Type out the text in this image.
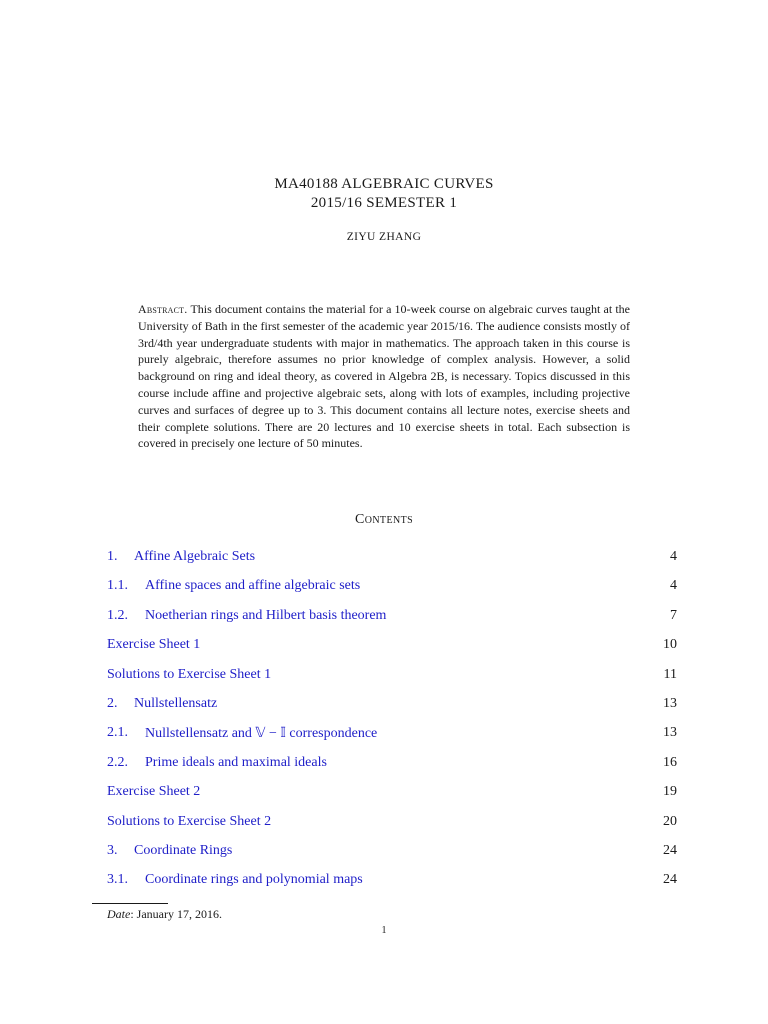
MA40188 ALGEBRAIC CURVES
2015/16 SEMESTER 1
ZIYU ZHANG
Abstract. This document contains the material for a 10-week course on algebraic curves taught at the University of Bath in the first semester of the academic year 2015/16. The audience consists mostly of 3rd/4th year undergraduate students with major in mathematics. The approach taken in this course is purely algebraic, therefore assumes no prior knowledge of complex analysis. However, a solid background on ring and ideal theory, as covered in Algebra 2B, is necessary. Topics discussed in this course include affine and projective algebraic sets, along with lots of examples, including projective curves and surfaces of degree up to 3. This document contains all lecture notes, exercise sheets and their complete solutions. There are 20 lectures and 10 exercise sheets in total. Each subsection is covered in precisely one lecture of 50 minutes.
Contents
1.	Affine Algebraic Sets	4
1.1.	Affine spaces and affine algebraic sets	4
1.2.	Noetherian rings and Hilbert basis theorem	7
Exercise Sheet 1	10
Solutions to Exercise Sheet 1	11
2.	Nullstellensatz	13
2.1.	Nullstellensatz and 𝕍 − 𝕀 correspondence	13
2.2.	Prime ideals and maximal ideals	16
Exercise Sheet 2	19
Solutions to Exercise Sheet 2	20
3.	Coordinate Rings	24
3.1.	Coordinate rings and polynomial maps	24
Date: January 17, 2016.
1
